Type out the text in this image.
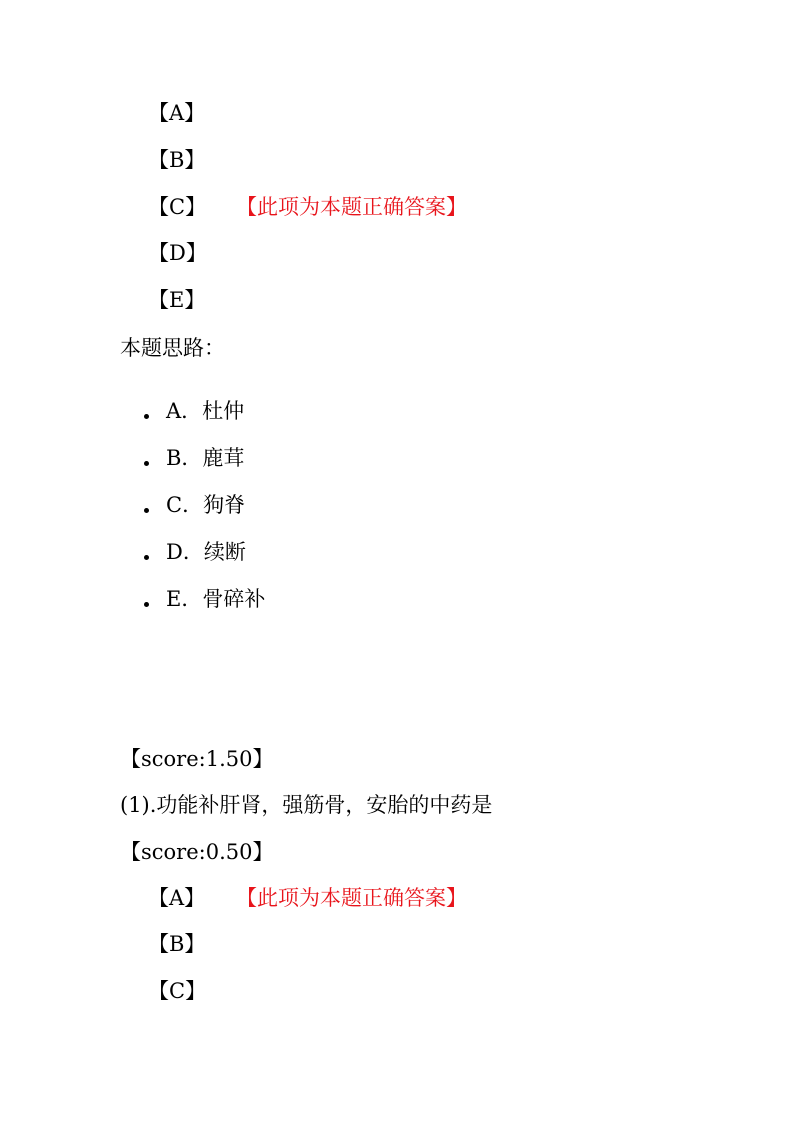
【A】
【B】
【C】 【此项为本题正确答案】
【D】
【E】
本题思路：
A．杜仲
B．鹿茸
C．狗脊
D．续断
E．骨碎补
【score:1.50】
(1).功能补肝肾，强筋骨，安胎的中药是
【score:0.50】
【A】 【此项为本题正确答案】
【B】
【C】
